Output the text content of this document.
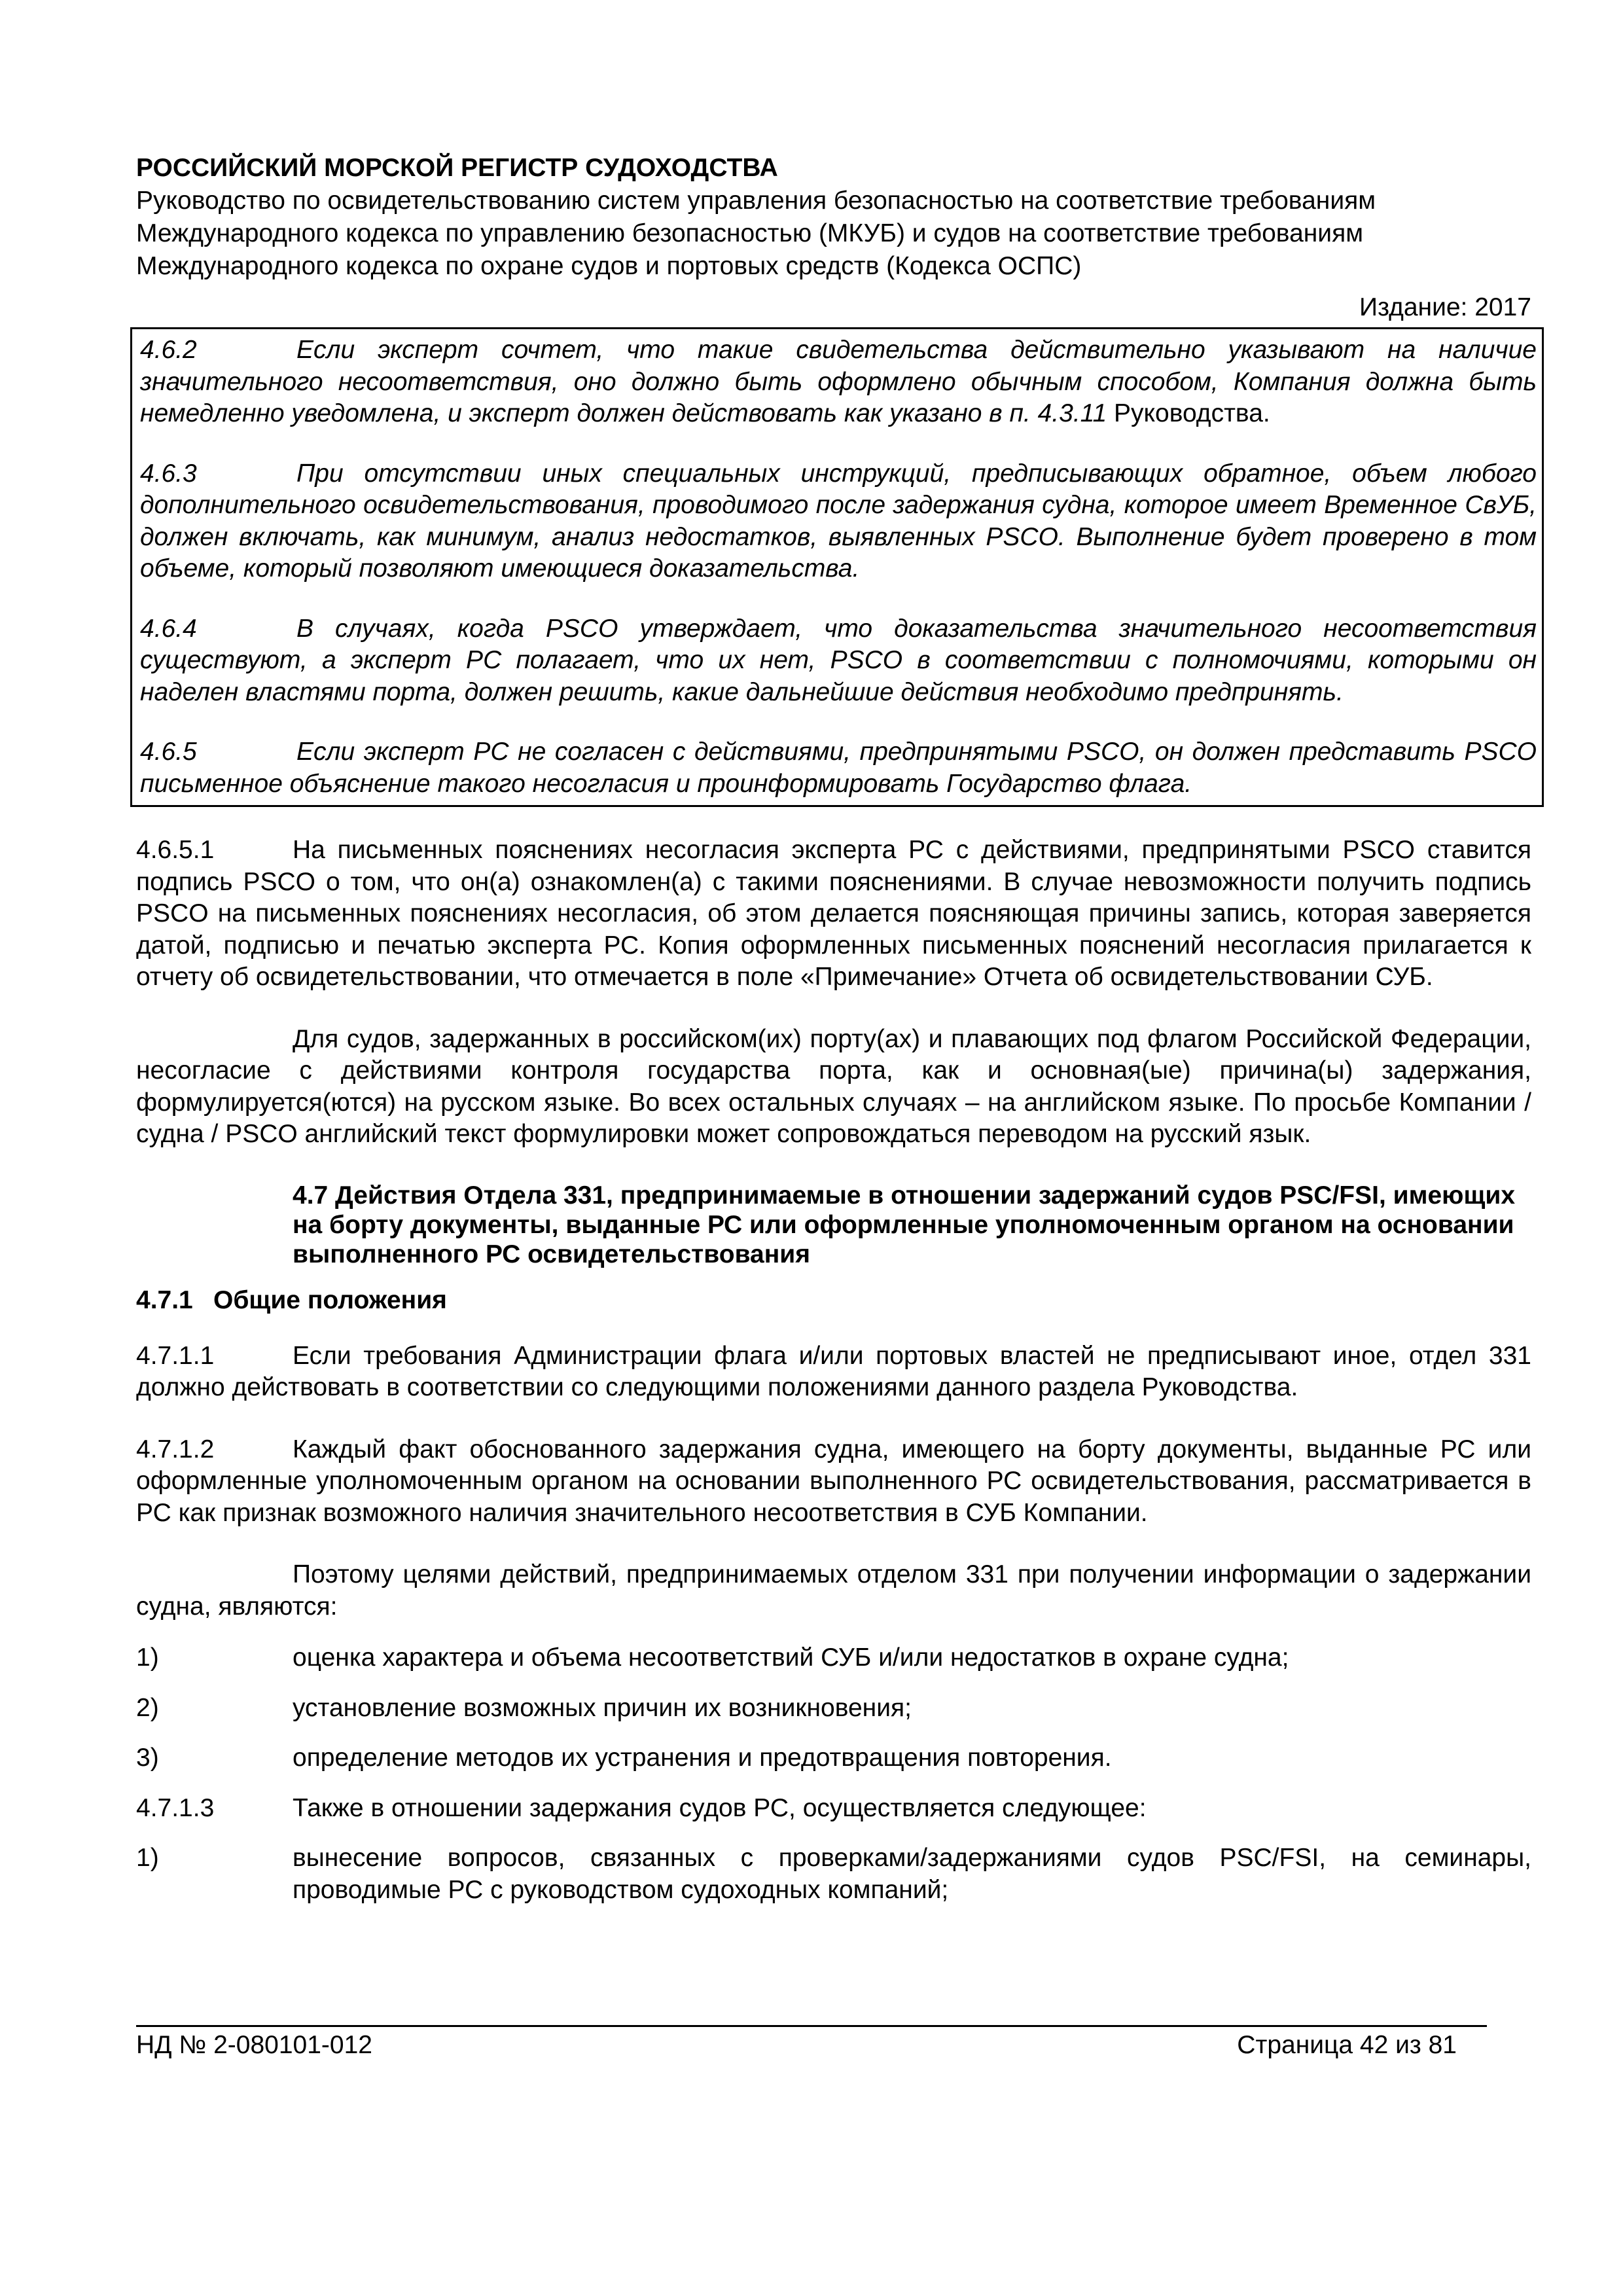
РОССИЙСКИЙ МОРСКОЙ РЕГИСТР СУДОХОДСТВА
Руководство по освидетельствованию систем управления безопасностью на соответствие требованиям
Международного кодекса по управлению безопасностью (МКУБ) и судов на соответствие требованиям
Международного кодекса по охране судов и портовых средств (Кодекса ОСПС)
Издание: 2017
4.6.2	Если эксперт сочтет, что такие свидетельства действительно указывают на наличие значительного несоответствия, оно должно быть оформлено обычным способом, Компания должна быть немедленно уведомлена, и эксперт должен действовать как указано в п. 4.3.11 Руководства.
4.6.3	При отсутствии иных специальных инструкций, предписывающих обратное, объем любого дополнительного освидетельствования, проводимого после задержания судна, которое имеет Временное СвУБ, должен включать, как минимум, анализ недостатков, выявленных PSCO. Выполнение будет проверено в том объеме, который позволяют имеющиеся доказательства.
4.6.4	В случаях, когда PSCO утверждает, что доказательства значительного несоответствия существуют, а эксперт РС полагает, что их нет, PSCO в соответствии с полномочиями, которыми он наделен властями порта, должен решить, какие дальнейшие действия необходимо предпринять.
4.6.5	Если эксперт РС не согласен с действиями, предпринятыми PSCO, он должен представить PSCO письменное объяснение такого несогласия и проинформировать Государство флага.
4.6.5.1	На письменных пояснениях несогласия эксперта РС с действиями, предпринятыми PSCO ставится подпись PSCO о том, что он(а) ознакомлен(а) с такими пояснениями. В случае невозможности получить подпись PSCO на письменных пояснениях несогласия, об этом делается поясняющая причины запись, которая заверяется датой, подписью и печатью эксперта РС. Копия оформленных письменных пояснений несогласия прилагается к отчету об освидетельствовании, что отмечается в поле «Примечание» Отчета об освидетельствовании СУБ.
Для судов, задержанных в российском(их) порту(ах) и плавающих под флагом Российской Федерации, несогласие с действиями контроля государства порта, как и основная(ые) причина(ы) задержания, формулируется(ются) на русском языке. Во всех остальных случаях – на английском языке. По просьбе Компании / судна / PSCO английский текст формулировки может сопровождаться переводом на русский язык.
4.7 Действия Отдела 331, предпринимаемые в отношении задержаний судов PSC/FSI, имеющих на борту документы, выданные РС или оформленные уполномоченным органом на основании выполненного РС освидетельствования
4.7.1 Общие положения
4.7.1.1	Если требования Администрации флага и/или портовых властей не предписывают иное, отдел 331 должно действовать в соответствии со следующими положениями данного раздела Руководства.
4.7.1.2	Каждый факт обоснованного задержания судна, имеющего на борту документы, выданные РС или оформленные уполномоченным органом на основании выполненного РС освидетельствования, рассматривается в РС как признак возможного наличия значительного несоответствия в СУБ Компании.
Поэтому целями действий, предпринимаемых отделом 331 при получении информации о задержании судна, являются:
1)	оценка характера и объема несоответствий СУБ и/или недостатков в охране судна;
2)	установление возможных причин их возникновения;
3)	определение методов их устранения и предотвращения повторения.
4.7.1.3	Также в отношении задержания судов РС, осуществляется следующее:
1)	вынесение вопросов, связанных с проверками/задержаниями судов PSC/FSI, на семинары, проводимые РС с руководством судоходных компаний;
НД № 2-080101-012	Страница 42 из 81
